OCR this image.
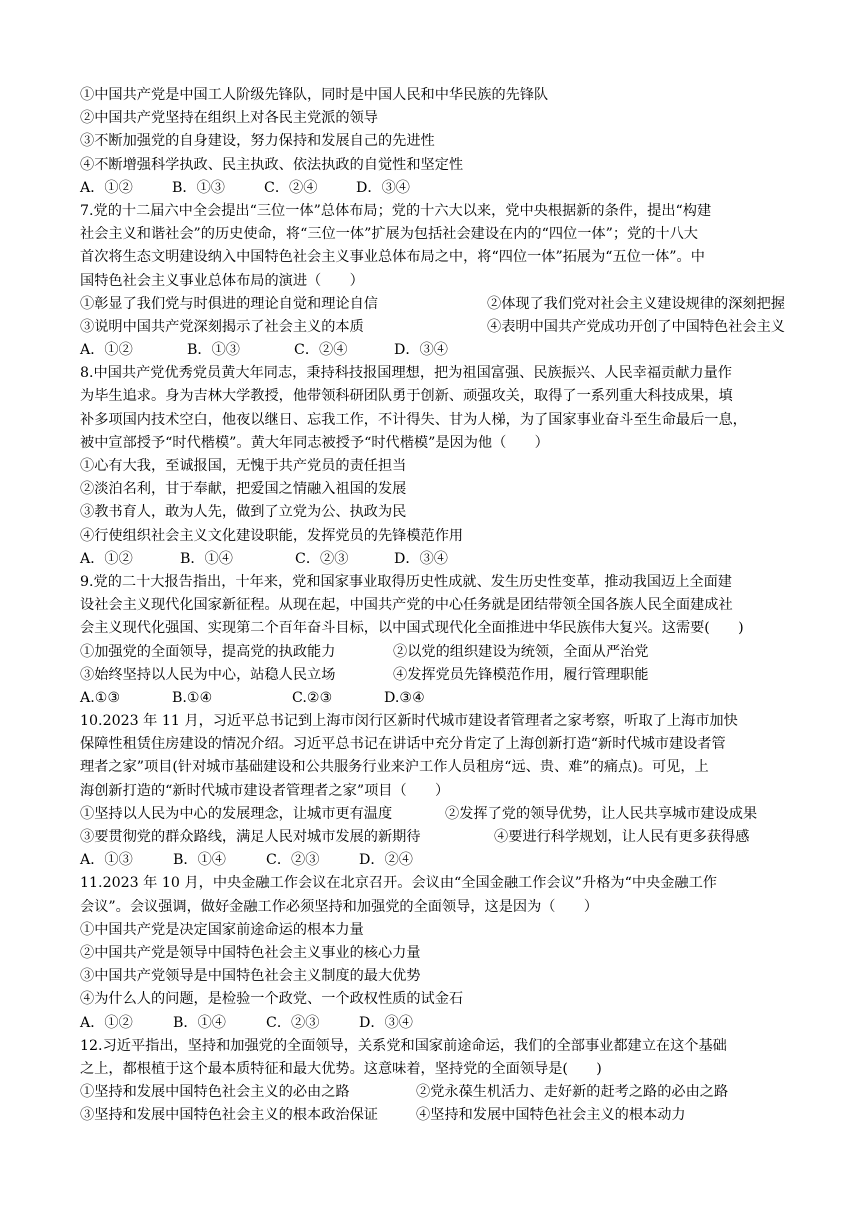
①中国共产党是中国工人阶级先锋队，同时是中国人民和中华民族的先锋队
②中国共产党坚持在组织上对各民主党派的领导
③不断加强党的自身建设，努力保持和发展自己的先进性
④不断增强科学执政、民主执政、依法执政的自觉性和坚定性
A．①②	B．①③	C．②④	D．③④
7.党的十二届六中全会提出“三位一体”总体布局；党的十六大以来，党中央根据新的条件，提出“构建
社会主义和谐社会”的历史使命，将“三位一体”扩展为包括社会建设在内的“四位一体”；党的十八大
首次将生态文明建设纳入中国特色社会主义事业总体布局之中，将“四位一体”拓展为“五位一体”。中
国特色社会主义事业总体布局的演进（　　）
①彰显了我们党与时俱进的理论自觉和理论自信	②体现了我们党对社会主义建设规律的深刻把握
③说明中国共产党深刻揭示了社会主义的本质	④表明中国共产党成功开创了中国特色社会主义
A．①②	B．①③	C．②④	D．③④
8.中国共产党优秀党员黄大年同志，秉持科技报国理想，把为祖国富强、民族振兴、人民幸福贡献力量作
为毕生追求。身为吉林大学教授，他带领科研团队勇于创新、顽强攻关，取得了一系列重大科技成果，填
补多项国内技术空白，他夜以继日、忘我工作，不计得失、甘为人梯，为了国家事业奋斗至生命最后一息，
被中宣部授予“时代楷模”。黄大年同志被授予“时代楷模”是因为他（　　）
①心有大我，至诚报国，无愧于共产党员的责任担当
②淡泊名利，甘于奉献，把爱国之情融入祖国的发展
③教书育人，敢为人先，做到了立党为公、执政为民
④行使组织社会主义文化建设职能，发挥党员的先锋模范作用
A．①②	B．①④	C．②③	D．③④
9.党的二十大报告指出，十年来，党和国家事业取得历史性成就、发生历史性变革，推动我国迈上全面建
设社会主义现代化国家新征程。从现在起，中国共产党的中心任务就是团结带领全国各族人民全面建成社
会主义现代化强国、实现第二个百年奋斗目标，以中国式现代化全面推进中华民族伟大复兴。这需要(　　)
①加强党的全面领导，提高党的执政能力	②以党的组织建设为统领，全面从严治党
③始终坚持以人民为中心，站稳人民立场	④发挥党员先锋模范作用，履行管理职能
A.①③	B.①④	C.②③	D.③④
10.2023 年 11 月，习近平总书记到上海市闵行区新时代城市建设者管理者之家考察，听取了上海市加快
保障性租赁住房建设的情况介绍。习近平总书记在讲话中充分肯定了上海创新打造“新时代城市建设者管
理者之家”项目(针对城市基础建设和公共服务行业来沪工作人员租房“远、贵、难”的痛点)。可见，上
海创新打造的“新时代城市建设者管理者之家”项目（　　）
①坚持以人民为中心的发展理念，让城市更有温度	②发挥了党的领导优势，让人民共享城市建设成果
③要贯彻党的群众路线，满足人民对城市发展的新期待	④要进行科学规划，让人民有更多获得感
A．①③	B．①④	C．②③	D．②④
11.2023 年 10 月，中央金融工作会议在北京召开。会议由“全国金融工作会议”升格为“中央金融工作
会议”。会议强调，做好金融工作必须坚持和加强党的全面领导，这是因为（　　）
①中国共产党是决定国家前途命运的根本力量
②中国共产党是领导中国特色社会主义事业的核心力量
③中国共产党领导是中国特色社会主义制度的最大优势
④为什么人的问题，是检验一个政党、一个政权性质的试金石
A．①②	B．①④	C．②③	D．③④
12.习近平指出，坚持和加强党的全面领导，关系党和国家前途命运，我们的全部事业都建立在这个基础
之上，都根植于这个最本质特征和最大优势。这意味着，坚持党的全面领导是(　　)
①坚持和发展中国特色社会主义的必由之路	②党永葆生机活力、走好新的赶考之路的必由之路
③坚持和发展中国特色社会主义的根本政治保证	④坚持和发展中国特色社会主义的根本动力
